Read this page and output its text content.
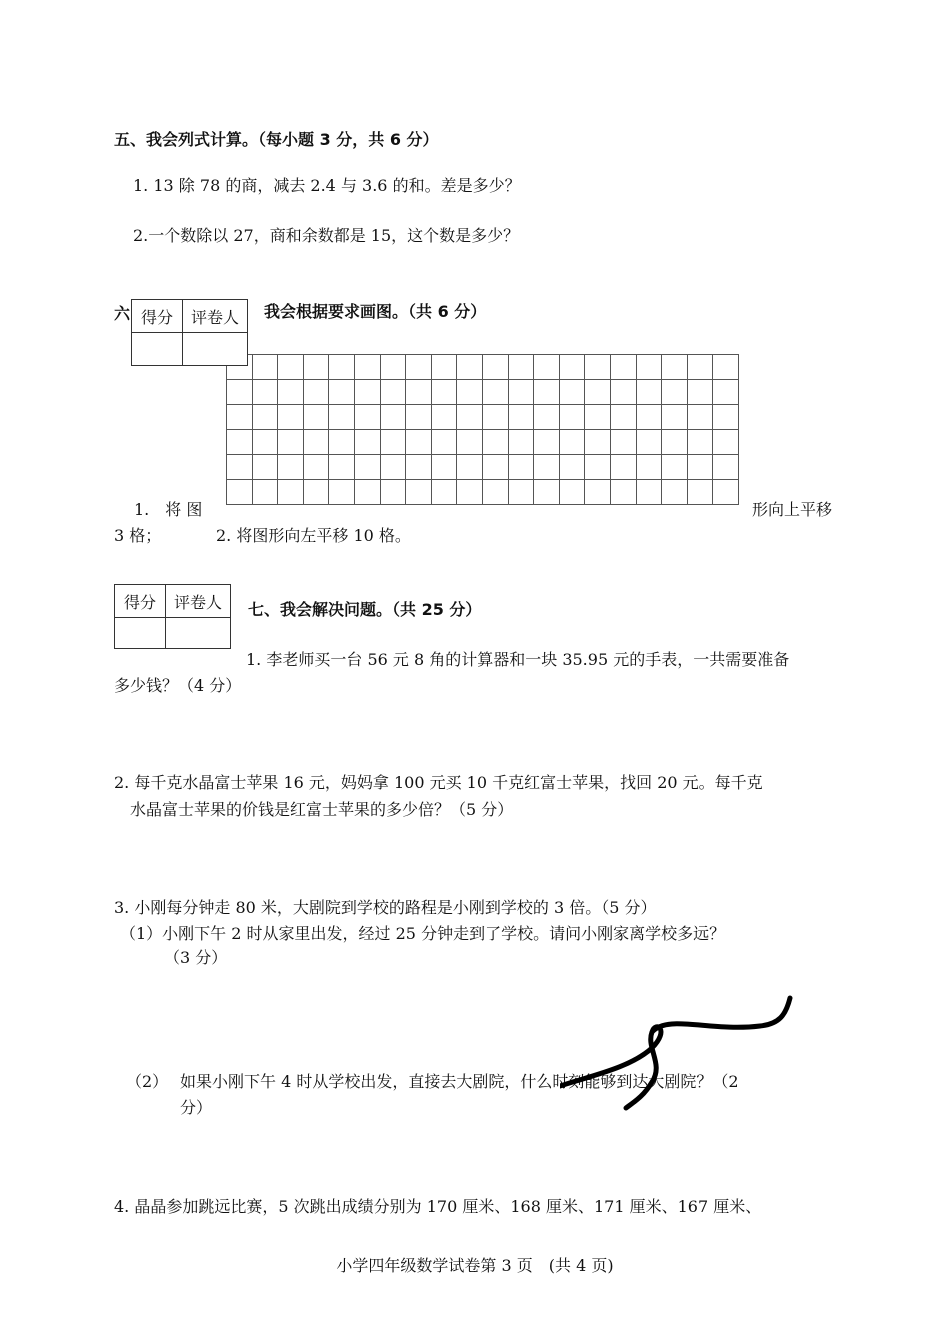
五、我会列式计算。（每小题 3 分，共 6 分）
1. 13 除 78 的商，减去 2.4 与 3.6 的和。差是多少？
2.一个数除以 27，商和余数都是 15，这个数是多少？
六	我会根据要求画图。（共 6 分）
得分	评卷人

1.　将 图	形向上平移
3 格；	2. 将图形向左平移 10 格。
得分	评卷人
	七、我会解决问题。（共 25 分）
1. 李老师买一台 56 元 8 角的计算器和一块 35.95 元的手表，一共需要准备
多少钱？（4 分）
2. 每千克水晶富士苹果 16 元，妈妈拿 100 元买 10 千克红富士苹果，找回 20 元。每千克
水晶富士苹果的价钱是红富士苹果的多少倍？（5 分）
3. 小刚每分钟走 80 米，大剧院到学校的路程是小刚到学校的 3 倍。（5 分）
（1）小刚下午 2 时从家里出发，经过 25 分钟走到了学校。请问小刚家离学校多远？
（3 分）
（2） 如果小刚下午 4 时从学校出发，直接去大剧院，什么时刻能够到达大剧院？（2
分）
4. 晶晶参加跳远比赛，5 次跳出成绩分别为 170 厘米、168 厘米、171 厘米、167 厘米、
小学四年级数学试卷第 3 页　(共 4 页)
